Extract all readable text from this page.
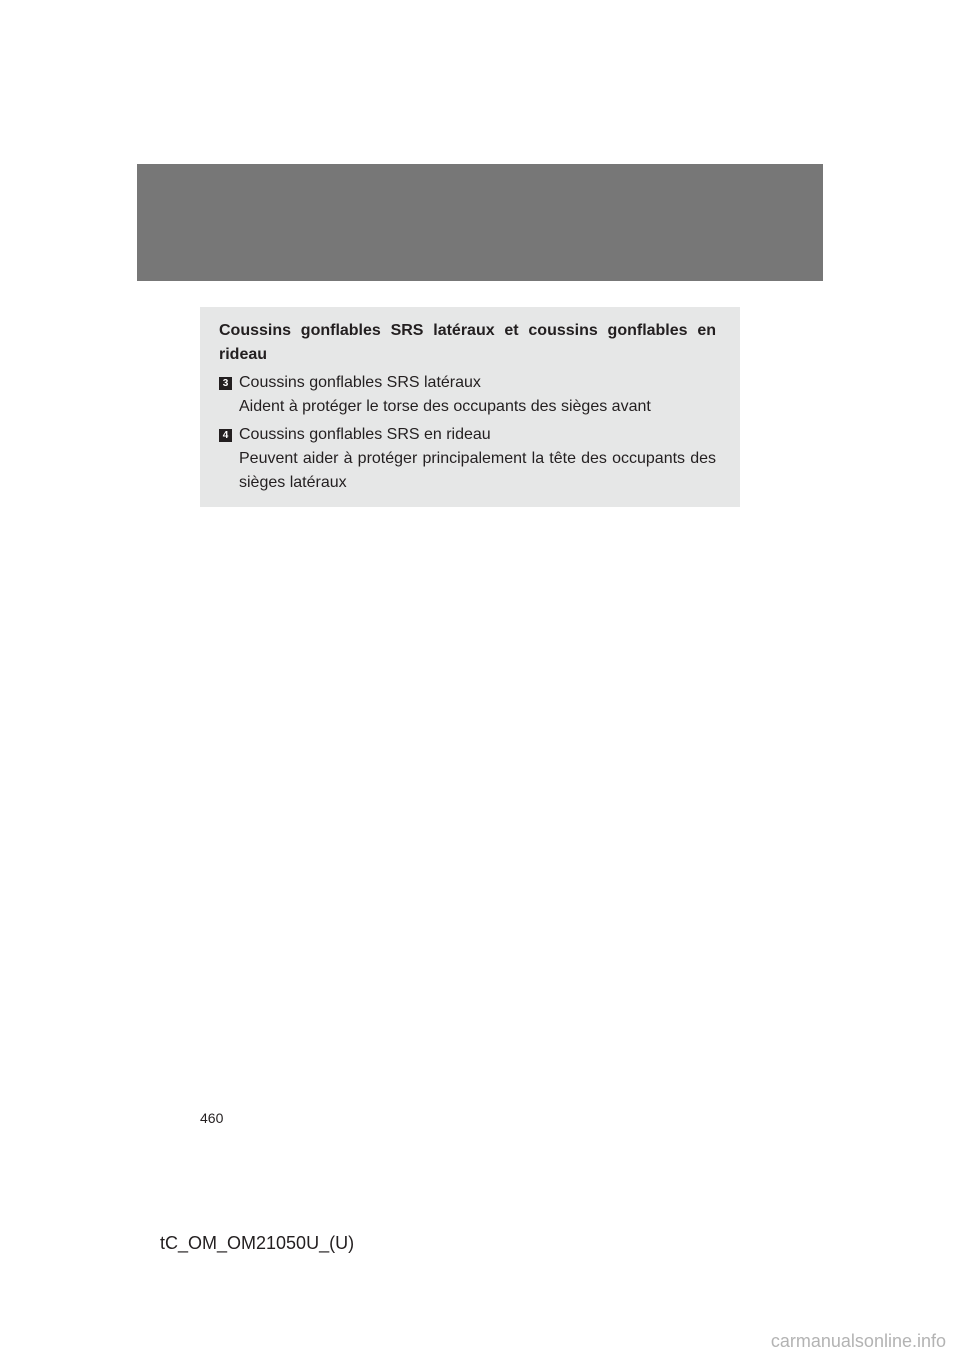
Coussins gonflables SRS latéraux et coussins gonflables en rideau
3 Coussins gonflables SRS latéraux
Aident à protéger le torse des occupants des sièges avant
4 Coussins gonflables SRS en rideau
Peuvent aider à protéger principalement la tête des occupants des sièges latéraux
460
tC_OM_OM21050U_(U)
carmanualsonline.info
